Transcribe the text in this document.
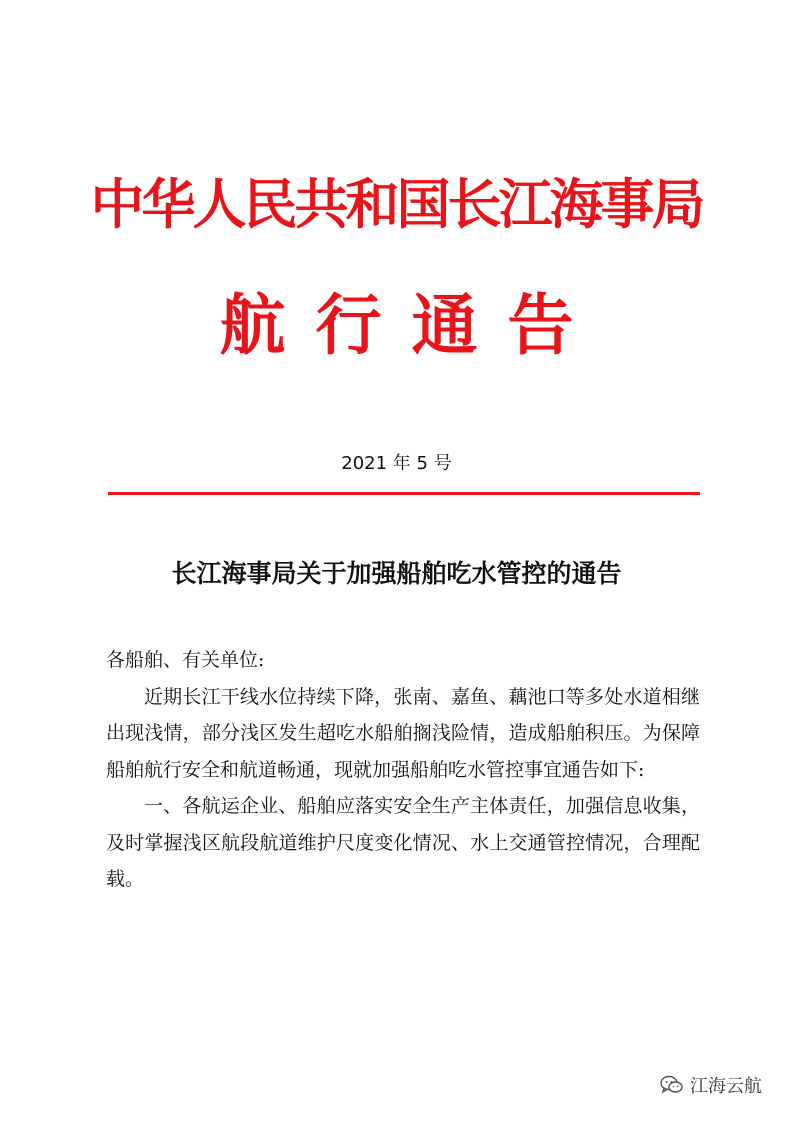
中华人民共和国长江海事局
航行通告
2021 年 5 号
长江海事局关于加强船舶吃水管控的通告

各船舶、有关单位:

近期长江干线水位持续下降，张南、嘉鱼、藕池口等多处水道相继出现浅情，部分浅区发生超吃水船舶搁浅险情，造成船舶积压。为保障船舶航行安全和航道畅通，现就加强船舶吃水管控事宜通告如下:

一、各航运企业、船舶应落实安全生产主体责任，加强信息收集，及时掌握浅区航段航道维护尺度变化情况、水上交通管控情况，合理配载。

江海云航
